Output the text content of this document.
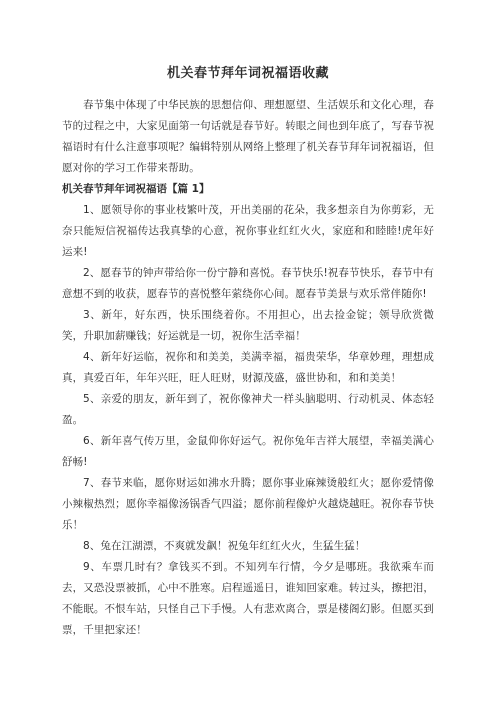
机关春节拜年词祝福语收藏

春节集中体现了中华民族的思想信仰、理想愿望、生活娱乐和文化心理，春节的过程之中，大家见面第一句话就是春节好。转眼之间也到年底了，写春节祝福语时有什么注意事项呢？编辑特别从网络上整理了机关春节拜年词祝福语，但愿对你的学习工作带来帮助。

机关春节拜年词祝福语【篇 1】

1、愿领导你的事业枝繁叶茂，开出美丽的花朵，我多想亲自为你剪彩，无奈只能短信祝福传达我真挚的心意，祝你事业红红火火，家庭和和睦睦!虎年好运来!

2、愿春节的钟声带给你一份宁静和喜悦。春节快乐!祝春节快乐，春节中有意想不到的收获，愿春节的喜悦整年萦绕你心间。愿春节美景与欢乐常伴随你!

3、新年，好东西，快乐围绕着你。不用担心，出去捡金锭；领导欣赏微笑，升职加薪赚钱；好运就是一切，祝你生活幸福！

4、新年好运临，祝你和和美美，美满幸福，福贵荣华，华章妙理，理想成真，真爱百年，年年兴旺，旺人旺财，财源茂盛，盛世协和，和和美美！

5、亲爱的朋友，新年到了，祝你像神犬一样头脑聪明、行动机灵、体态轻盈。

6、新年喜气传万里，金鼠仰你好运气。祝你兔年吉祥大展望，幸福美满心舒畅!

7、春节来临，愿你财运如沸水升腾；愿你事业麻辣烫般红火；愿你爱情像小辣椒热烈；愿你幸福像汤锅香气四溢；愿你前程像炉火越烧越旺。祝你春节快乐！

8、兔在江湖漂，不爽就发飙！祝兔年红红火火，生猛生猛！

9、车票几时有？拿钱买不到。不知列车行情，今夕是哪班。我欲乘车而去，又恐没票被抓，心中不胜寒。启程遥遥日，谁知回家难。转过头，擦把泪，不能眠。不恨车站，只怪自己下手慢。人有悲欢离合，票是楼阁幻影。但愿买到票，千里把家还！
